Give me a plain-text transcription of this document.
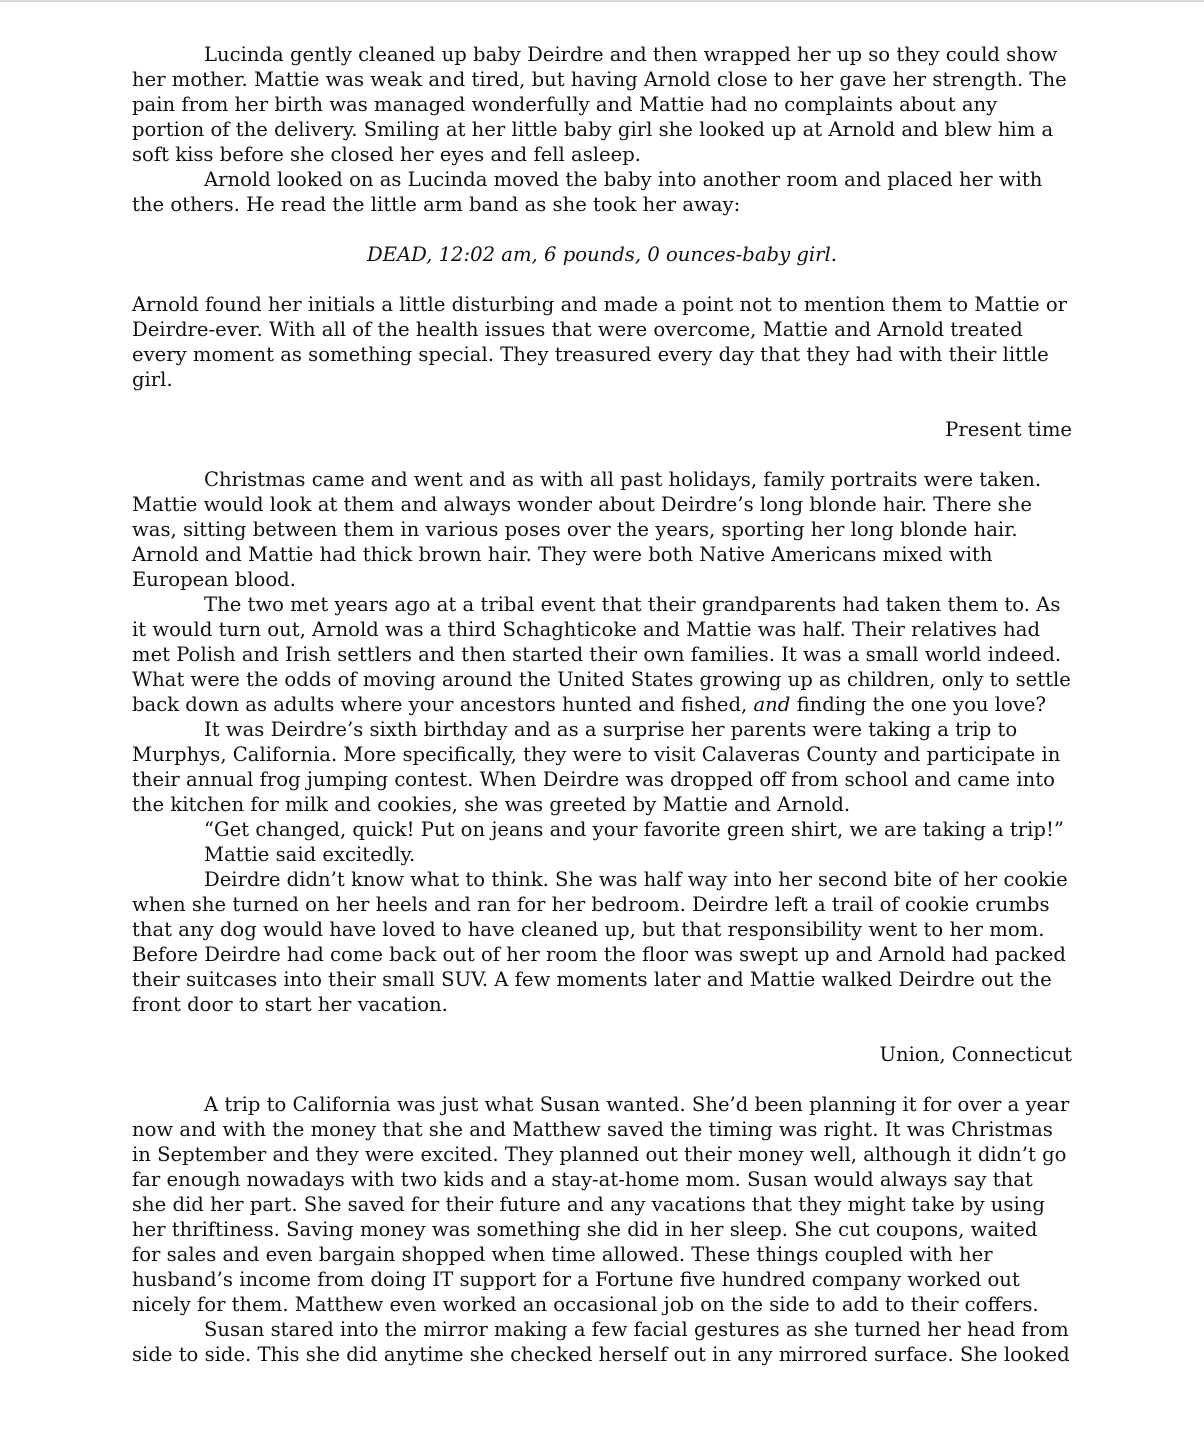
Lucinda gently cleaned up baby Deirdre and then wrapped her up so they could show her mother. Mattie was weak and tired, but having Arnold close to her gave her strength. The pain from her birth was managed wonderfully and Mattie had no complaints about any portion of the delivery. Smiling at her little baby girl she looked up at Arnold and blew him a soft kiss before she closed her eyes and fell asleep.

Arnold looked on as Lucinda moved the baby into another room and placed her with the others. He read the little arm band as she took her away:

DEAD, 12:02 am, 6 pounds, 0 ounces-baby girl.

Arnold found her initials a little disturbing and made a point not to mention them to Mattie or Deirdre-ever. With all of the health issues that were overcome, Mattie and Arnold treated every moment as something special. They treasured every day that they had with their little girl.

Present time

Christmas came and went and as with all past holidays, family portraits were taken. Mattie would look at them and always wonder about Deirdre’s long blonde hair. There she was, sitting between them in various poses over the years, sporting her long blonde hair. Arnold and Mattie had thick brown hair. They were both Native Americans mixed with European blood.

The two met years ago at a tribal event that their grandparents had taken them to. As it would turn out, Arnold was a third Schaghticoke and Mattie was half. Their relatives had met Polish and Irish settlers and then started their own families. It was a small world indeed. What were the odds of moving around the United States growing up as children, only to settle back down as adults where your ancestors hunted and fished, and finding the one you love?

It was Deirdre’s sixth birthday and as a surprise her parents were taking a trip to Murphys, California. More specifically, they were to visit Calaveras County and participate in their annual frog jumping contest. When Deirdre was dropped off from school and came into the kitchen for milk and cookies, she was greeted by Mattie and Arnold.

“Get changed, quick! Put on jeans and your favorite green shirt, we are taking a trip!”

Mattie said excitedly.

Deirdre didn’t know what to think. She was half way into her second bite of her cookie when she turned on her heels and ran for her bedroom. Deirdre left a trail of cookie crumbs that any dog would have loved to have cleaned up, but that responsibility went to her mom. Before Deirdre had come back out of her room the floor was swept up and Arnold had packed their suitcases into their small SUV. A few moments later and Mattie walked Deirdre out the front door to start her vacation.

Union, Connecticut

A trip to California was just what Susan wanted. She’d been planning it for over a year now and with the money that she and Matthew saved the timing was right. It was Christmas in September and they were excited. They planned out their money well, although it didn’t go far enough nowadays with two kids and a stay-at-home mom. Susan would always say that she did her part. She saved for their future and any vacations that they might take by using her thriftiness. Saving money was something she did in her sleep. She cut coupons, waited for sales and even bargain shopped when time allowed. These things coupled with her husband’s income from doing IT support for a Fortune five hundred company worked out nicely for them. Matthew even worked an occasional job on the side to add to their coffers.

Susan stared into the mirror making a few facial gestures as she turned her head from side to side. This she did anytime she checked herself out in any mirrored surface. She looked
